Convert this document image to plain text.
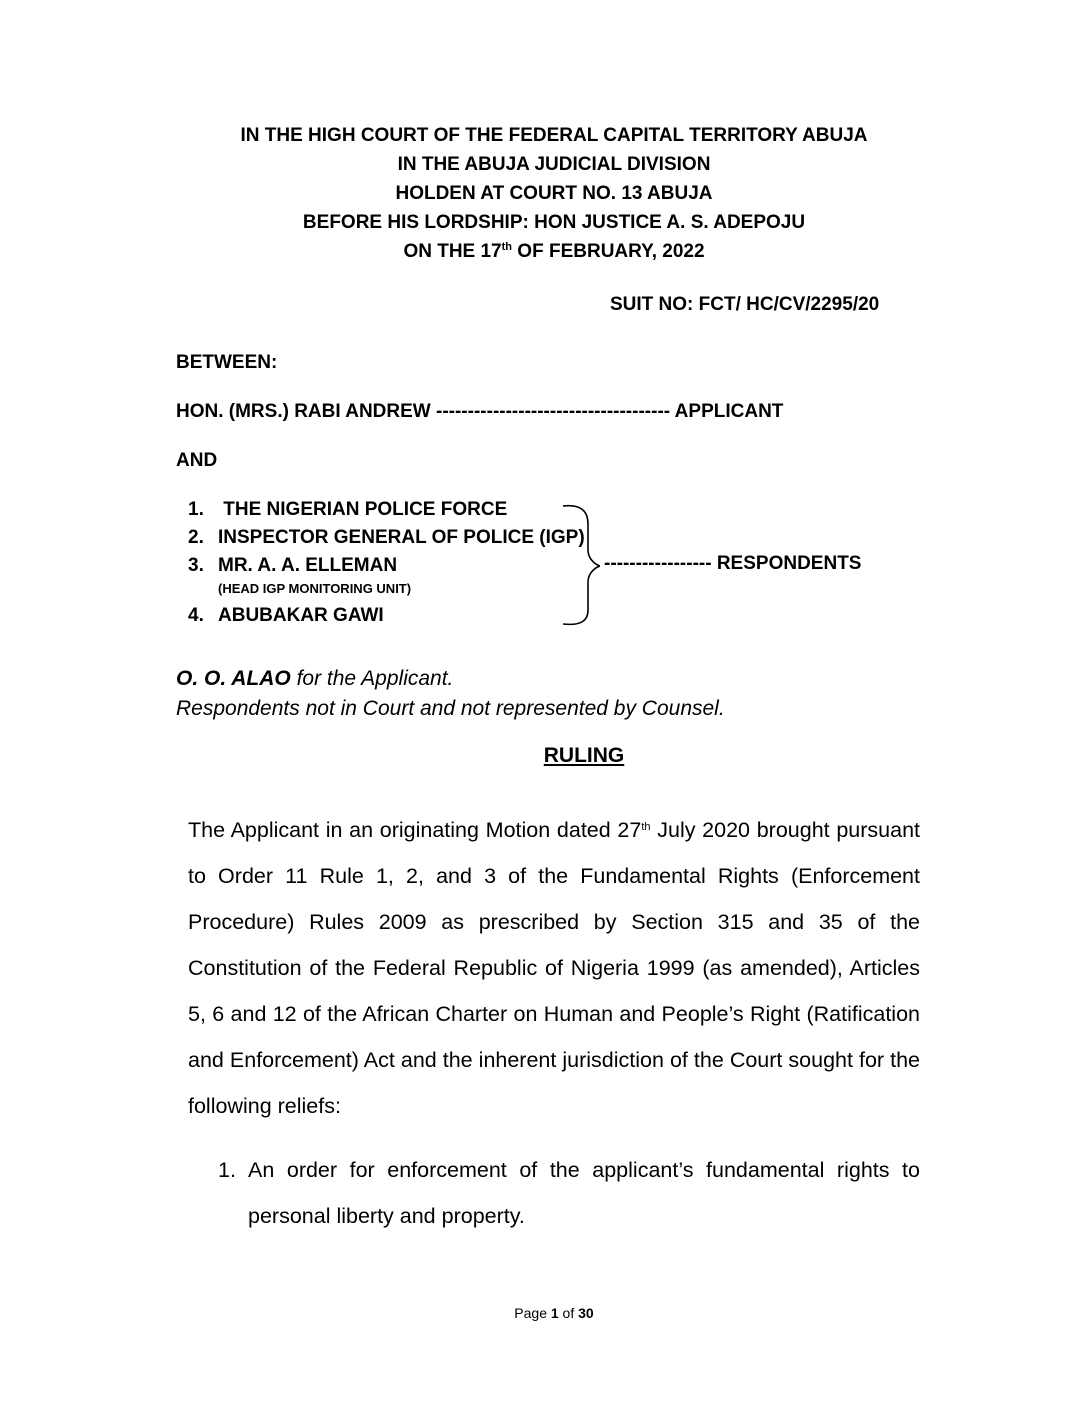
IN THE HIGH COURT OF THE FEDERAL CAPITAL TERRITORY ABUJA
IN THE ABUJA JUDICIAL DIVISION
HOLDEN AT COURT NO. 13 ABUJA
BEFORE HIS LORDSHIP: HON JUSTICE A. S. ADEPOJU
ON THE 17th OF FEBRUARY, 2022
SUIT NO: FCT/ HC/CV/2295/20
BETWEEN:
HON. (MRS.) RABI ANDREW ------------------------------------- APPLICANT
AND
1. THE NIGERIAN POLICE FORCE
2. INSPECTOR GENERAL OF POLICE (IGP)
3. MR. A. A. ELLEMAN
(HEAD IGP MONITORING UNIT)
4. ABUBAKAR GAWI
----------------- RESPONDENTS
O. O. ALAO for the Applicant.
Respondents not in Court and not represented by Counsel.
RULING
The Applicant in an originating Motion dated 27th July 2020 brought pursuant to Order 11 Rule 1, 2, and 3 of the Fundamental Rights (Enforcement Procedure) Rules 2009 as prescribed by Section 315 and 35 of the Constitution of the Federal Republic of Nigeria 1999 (as amended), Articles 5, 6 and 12 of the African Charter on Human and People’s Right (Ratification and Enforcement) Act and the inherent jurisdiction of the Court sought for the following reliefs:
1. An order for enforcement of the applicant’s fundamental rights to personal liberty and property.
Page 1 of 30
